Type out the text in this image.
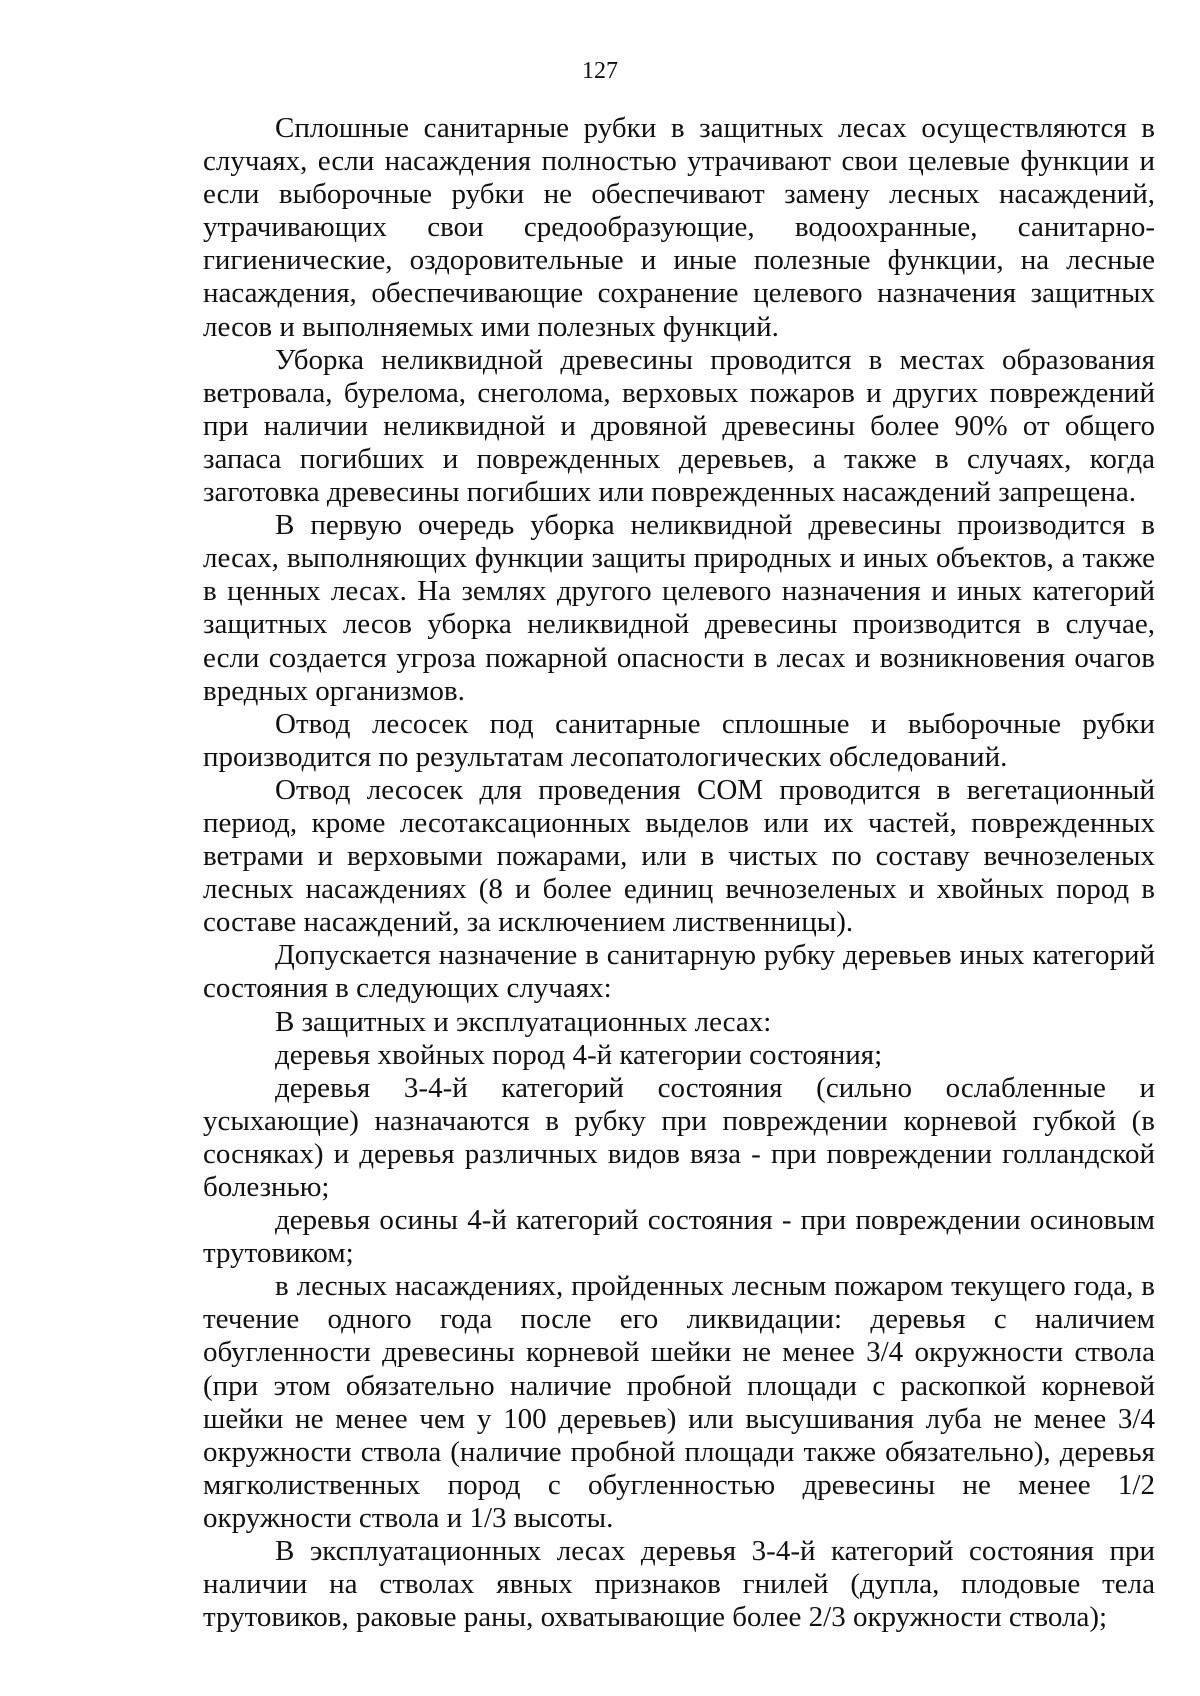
127

Сплошные санитарные рубки в защитных лесах осуществляются в случаях, если насаждения полностью утрачивают свои целевые функции и если выборочные рубки не обеспечивают замену лесных насаждений, утрачивающих свои средообразующие, водоохранные, санитарно-гигиенические, оздоровительные и иные полезные функции, на лесные насаждения, обеспечивающие сохранение целевого назначения защитных лесов и выполняемых ими полезных функций.

Уборка неликвидной древесины проводится в местах образования ветровала, бурелома, снеголома, верховых пожаров и других повреждений при наличии неликвидной и дровяной древесины более 90% от общего запаса погибших и поврежденных деревьев, а также в случаях, когда заготовка древесины погибших или поврежденных насаждений запрещена.

В первую очередь уборка неликвидной древесины производится в лесах, выполняющих функции защиты природных и иных объектов, а также в ценных лесах. На землях другого целевого назначения и иных категорий защитных лесов уборка неликвидной древесины производится в случае, если создается угроза пожарной опасности в лесах и возникновения очагов вредных организмов.

Отвод лесосек под санитарные сплошные и выборочные рубки производится по результатам лесопатологических обследований.

Отвод лесосек для проведения СОМ проводится в вегетационный период, кроме лесотаксационных выделов или их частей, поврежденных ветрами и верховыми пожарами, или в чистых по составу вечнозеленых лесных насаждениях (8 и более единиц вечнозеленых и хвойных пород в составе насаждений, за исключением лиственницы).

Допускается назначение в санитарную рубку деревьев иных категорий состояния в следующих случаях:

В защитных и эксплуатационных лесах:

деревья хвойных пород 4-й категории состояния;

деревья 3-4-й категорий состояния (сильно ослабленные и усыхающие) назначаются в рубку при повреждении корневой губкой (в сосняках) и деревья различных видов вяза - при повреждении голландской болезнью;

деревья осины 4-й категорий состояния - при повреждении осиновым трутовиком;

в лесных насаждениях, пройденных лесным пожаром текущего года, в течение одного года после его ликвидации: деревья с наличием обугленности древесины корневой шейки не менее 3/4 окружности ствола (при этом обязательно наличие пробной площади с раскопкой корневой шейки не менее чем у 100 деревьев) или высушивания луба не менее 3/4 окружности ствола (наличие пробной площади также обязательно), деревья мягколиственных пород с обугленностью древесины не менее 1/2 окружности ствола и 1/3 высоты.

В эксплуатационных лесах деревья 3-4-й категорий состояния при наличии на стволах явных признаков гнилей (дупла, плодовые тела трутовиков, раковые раны, охватывающие более 2/3 окружности ствола);
